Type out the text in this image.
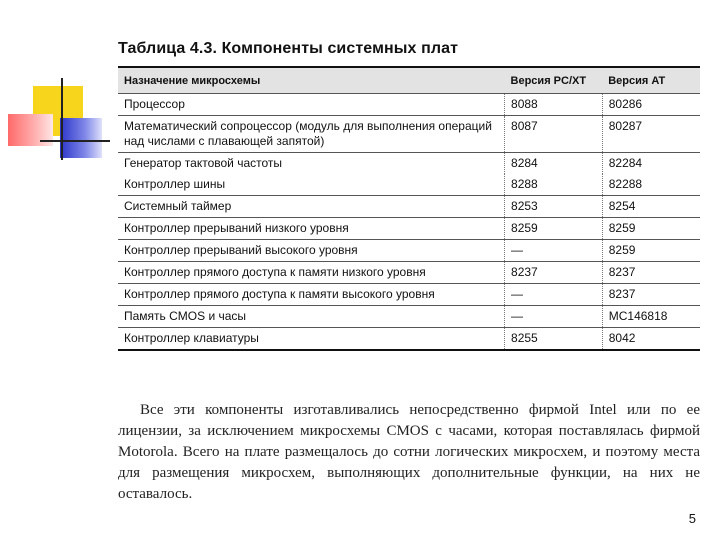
Таблица 4.3. Компоненты системных плат
Назначение микросхемы	Версия PC/XT	Версия AT
Процессор	8088	80286
Математический сопроцессор (модуль для выполнения операций над числами с плавающей запятой)	8087	80287
Генератор тактовой частоты	8284	82284
Контроллер шины	8288	82288
Системный таймер	8253	8254
Контроллер прерываний низкого уровня	8259	8259
Контроллер прерываний высокого уровня	—	8259
Контроллер прямого доступа к памяти низкого уровня	8237	8237
Контроллер прямого доступа к памяти высокого уровня	—	8237
Память CMOS и часы	—	MC146818
Контроллер клавиатуры	8255	8042

Все эти компоненты изготавливались непосредственно фирмой Intel или по ее лицензии, за исключением микросхемы CMOS с часами, которая поставлялась фирмой Motorola. Всего на плате размещалось до сотни логических микросхем, и поэтому места для размещения микросхем, выполняющих дополнительные функции, на них не оставалось.

5
